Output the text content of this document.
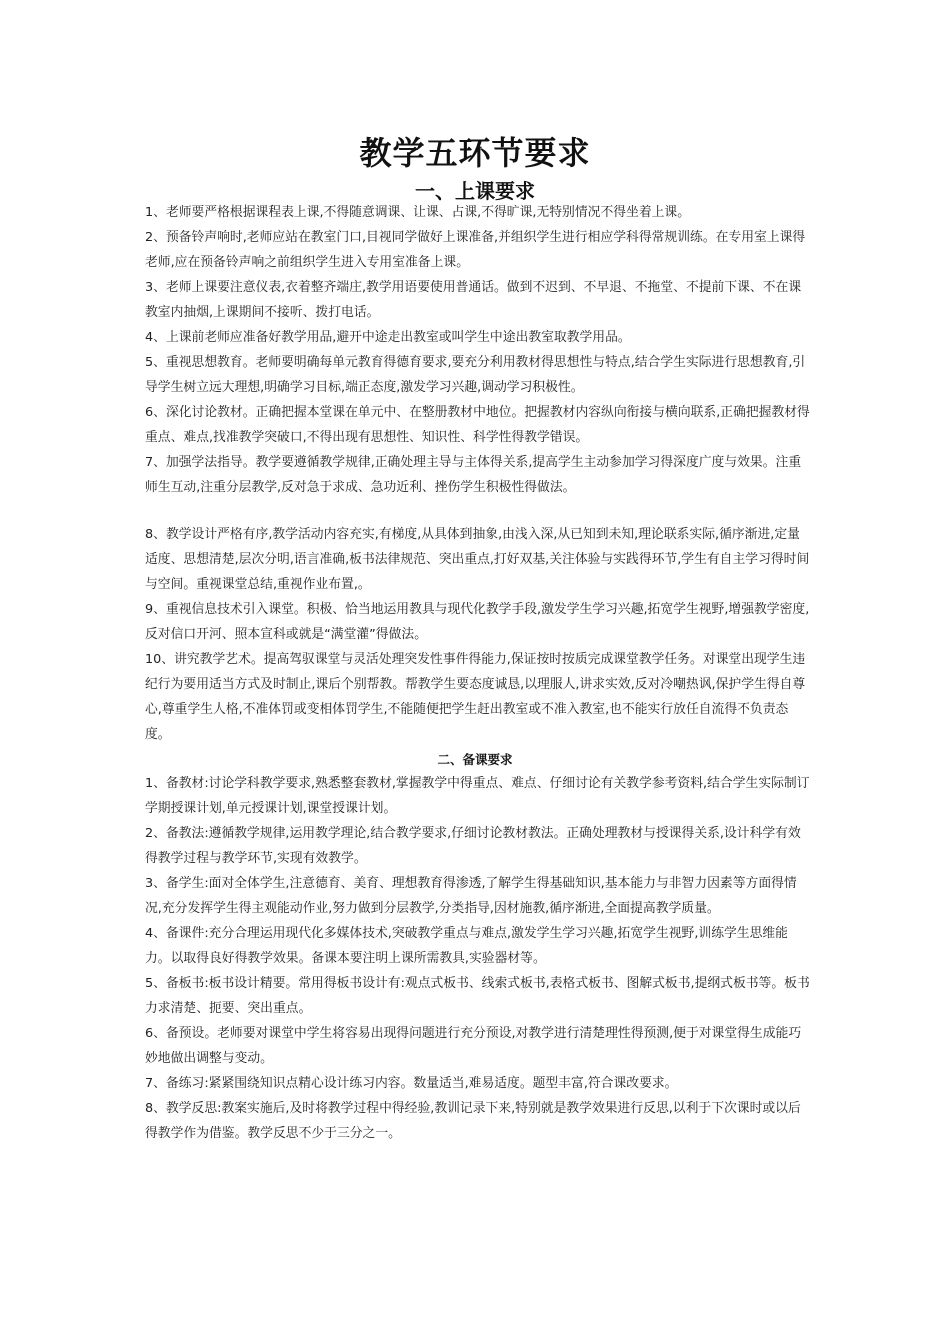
教学五环节要求
一、上课要求

1、老师要严格根据课程表上课,不得随意调课、让课、占课,不得旷课,无特别情况不得坐着上课。

2、预备铃声响时,老师应站在教室门口,目视同学做好上课准备,并组织学生进行相应学科得常规训练。在专用室上课得老师,应在预备铃声响之前组织学生进入专用室准备上课。

3、老师上课要注意仪表,衣着整齐端庄,教学用语要使用普通话。做到不迟到、不早退、不拖堂、不提前下课、不在课教室内抽烟,上课期间不接听、拨打电话。

4、上课前老师应准备好教学用品,避开中途走出教室或叫学生中途出教室取教学用品。

5、重视思想教育。老师要明确每单元教育得德育要求,要充分利用教材得思想性与特点,结合学生实际进行思想教育,引导学生树立远大理想,明确学习目标,端正态度,激发学习兴趣,调动学习积极性。

6、深化讨论教材。正确把握本堂课在单元中、在整册教材中地位。把握教材内容纵向衔接与横向联系,正确把握教材得重点、难点,找准教学突破口,不得出现有思想性、知识性、科学性得教学错误。

7、加强学法指导。教学要遵循教学规律,正确处理主导与主体得关系,提高学生主动参加学习得深度广度与效果。注重师生互动,注重分层教学,反对急于求成、急功近利、挫伤学生积极性得做法。

8、教学设计严格有序,教学活动内容充实,有梯度,从具体到抽象,由浅入深,从已知到未知,理论联系实际,循序渐进,定量适度、思想清楚,层次分明,语言准确,板书法律规范、突出重点,打好双基,关注体验与实践得环节,学生有自主学习得时间与空间。重视课堂总结,重视作业布置,。

9、重视信息技术引入课堂。积极、恰当地运用教具与现代化教学手段,激发学生学习兴趣,拓宽学生视野,增强教学密度,反对信口开河、照本宣科或就是“满堂灌”得做法。

10、讲究教学艺术。提高驾驭课堂与灵活处理突发性事件得能力,保证按时按质完成课堂教学任务。对课堂出现学生违纪行为要用适当方式及时制止,课后个别帮教。帮教学生要态度诚恳,以理服人,讲求实效,反对冷嘲热讽,保护学生得自尊心,尊重学生人格,不准体罚或变相体罚学生,不能随便把学生赶出教室或不准入教室,也不能实行放任自流得不负责态度。

二、备课要求

1、备教材:讨论学科教学要求,熟悉整套教材,掌握教学中得重点、难点、仔细讨论有关教学参考资料,结合学生实际制订学期授课计划,单元授课计划,课堂授课计划。

2、备教法:遵循教学规律,运用教学理论,结合教学要求,仔细讨论教材教法。正确处理教材与授课得关系,设计科学有效得教学过程与教学环节,实现有效教学。

3、备学生:面对全体学生,注意德育、美育、理想教育得渗透,了解学生得基础知识,基本能力与非智力因素等方面得情况,充分发挥学生得主观能动作业,努力做到分层教学,分类指导,因材施教,循序渐进,全面提高教学质量。

4、备课件:充分合理运用现代化多媒体技术,突破教学重点与难点,激发学生学习兴趣,拓宽学生视野,训练学生思维能力。以取得良好得教学效果。备课本要注明上课所需教具,实验器材等。

5、备板书:板书设计精要。常用得板书设计有:观点式板书、线索式板书,表格式板书、图解式板书,提纲式板书等。板书力求清楚、扼要、突出重点。

6、备预设。老师要对课堂中学生将容易出现得问题进行充分预设,对教学进行清楚理性得预测,便于对课堂得生成能巧妙地做出调整与变动。

7、备练习:紧紧围绕知识点精心设计练习内容。数量适当,难易适度。题型丰富,符合课改要求。

8、教学反思:教案实施后,及时将教学过程中得经验,教训记录下来,特别就是教学效果进行反思,以利于下次课时或以后得教学作为借鉴。教学反思不少于三分之一。
